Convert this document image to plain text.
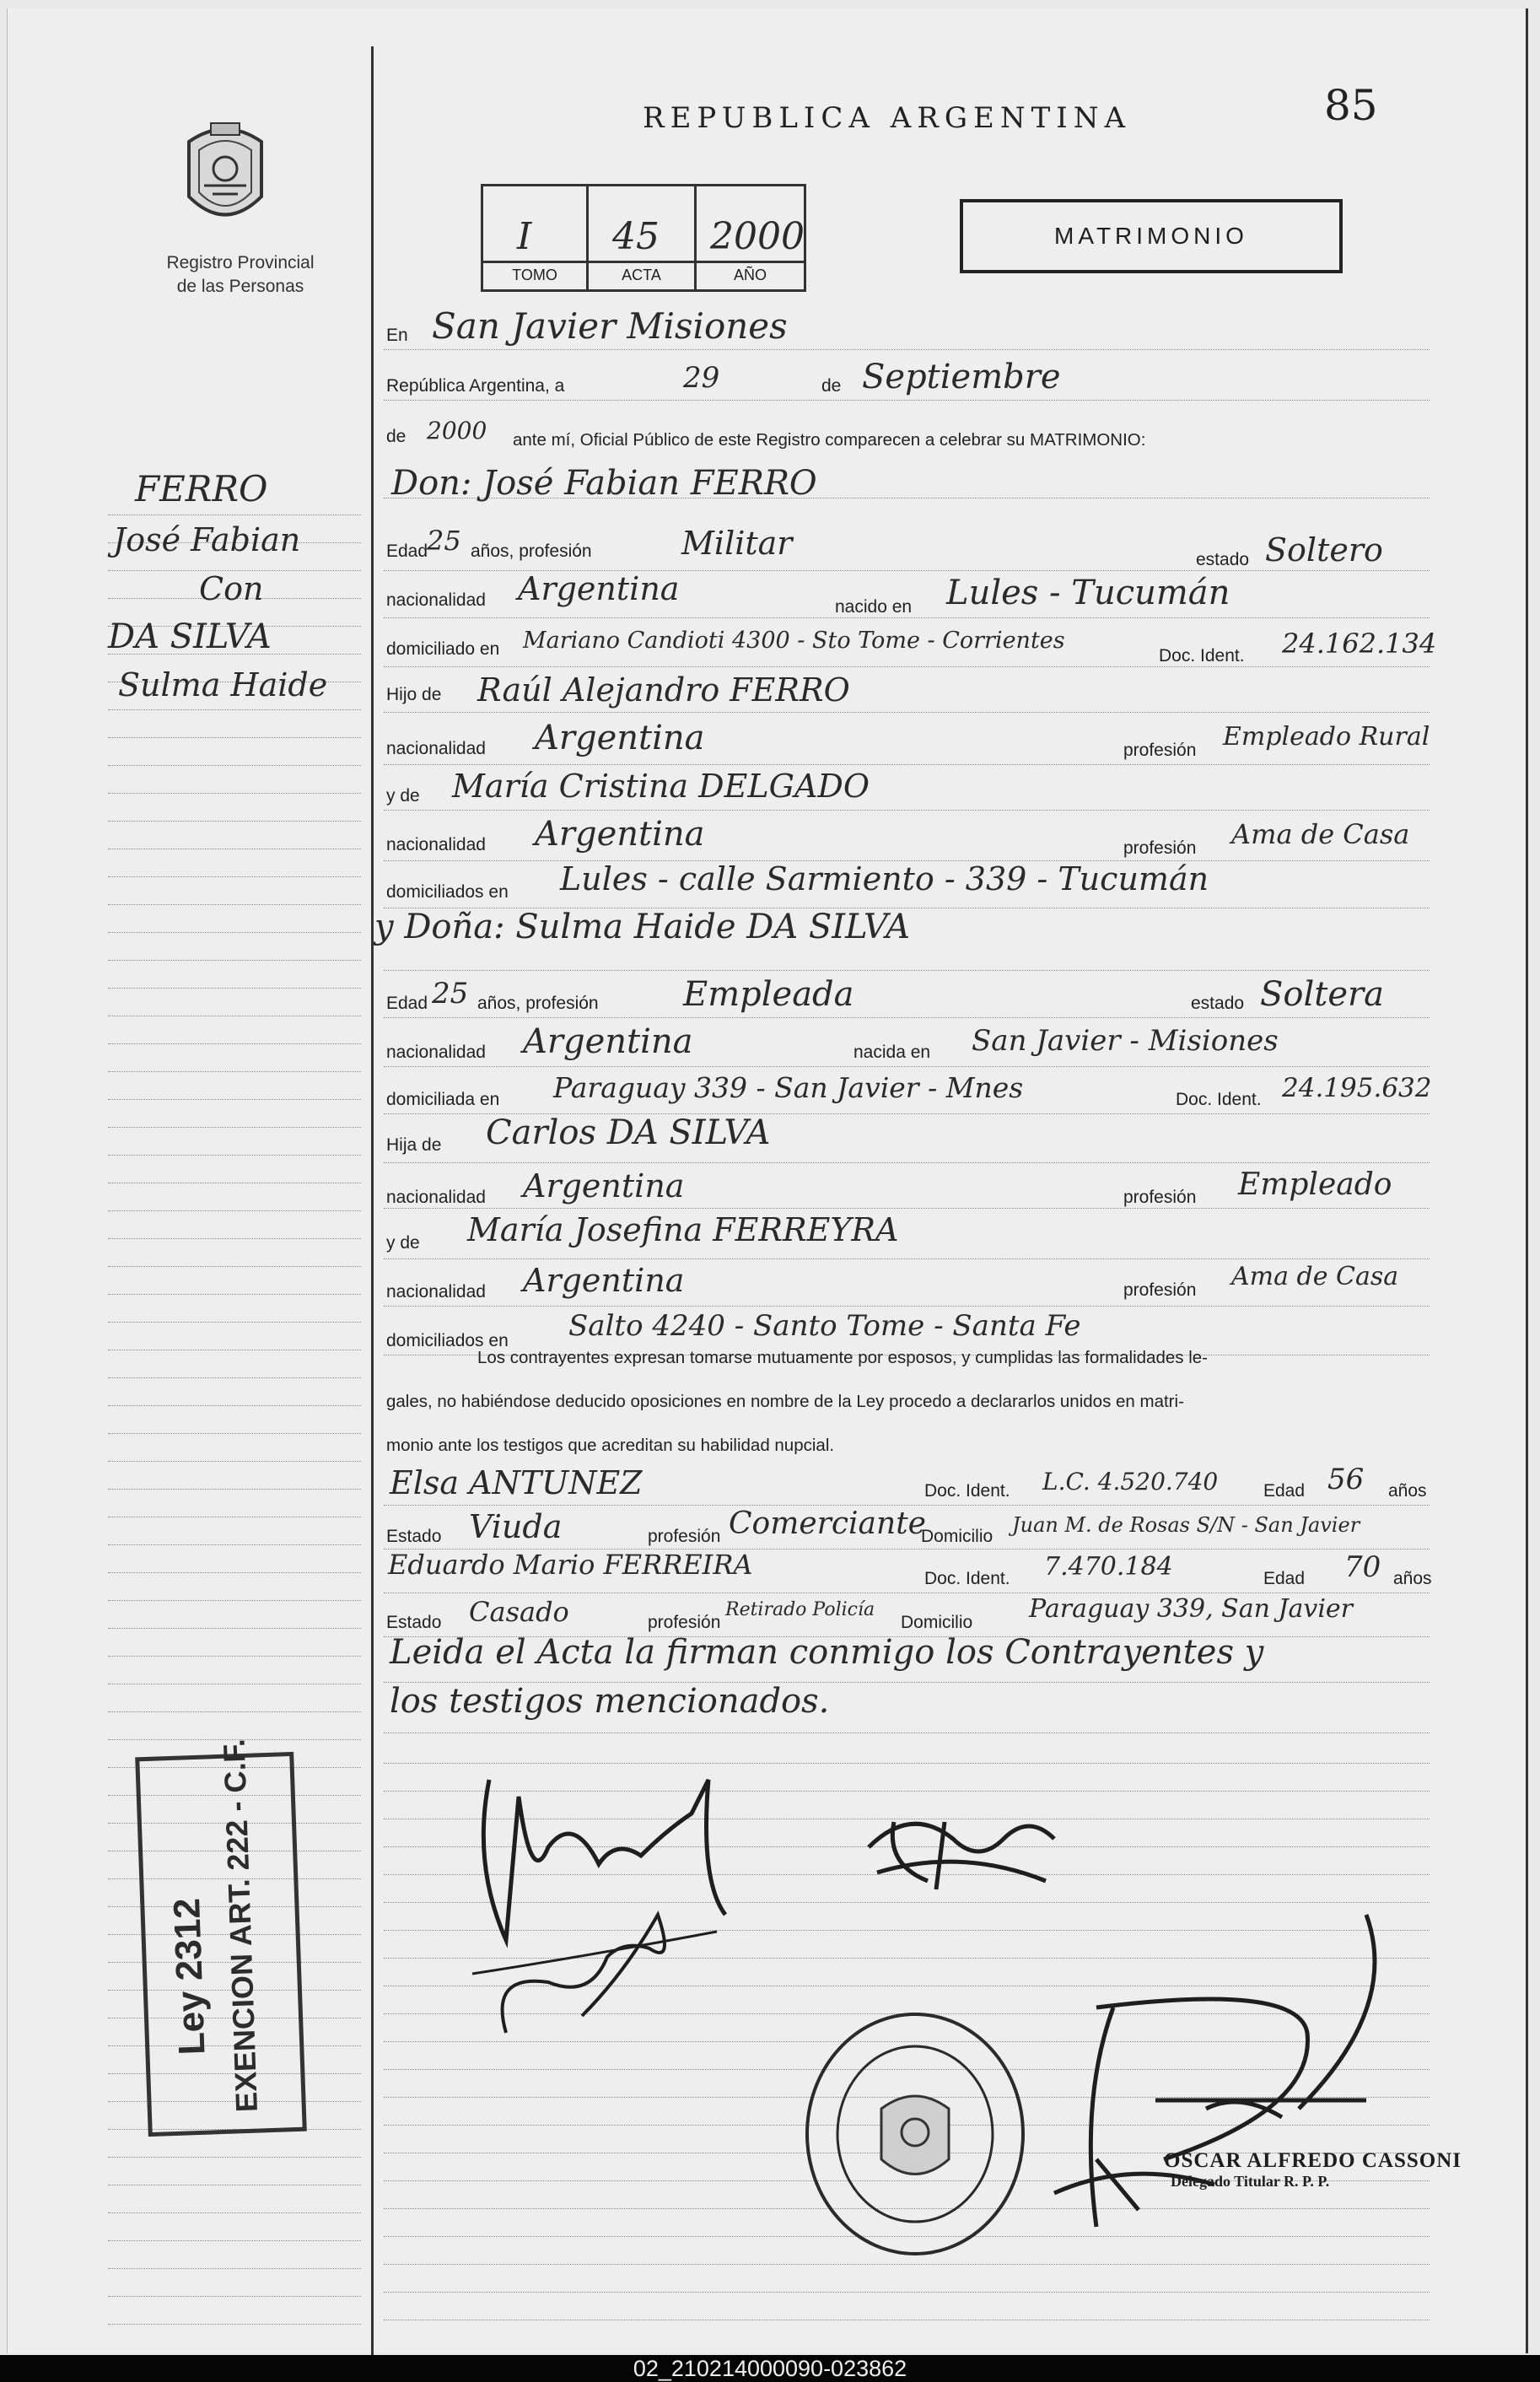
Registro Provincial
de las Personas
REPUBLICA ARGENTINA	85
I
TOMO
45
ACTA
2000
AÑO
MATRIMONIO
FERRO
José Fabian
Con
DA SILVA
Sulma Haide
En San Javier Misiones
República Argentina, a	29	de Septiembre
de 2000 ante mí, Oficial Público de este Registro comparecen a celebrar su MATRIMONIO:
Don: José Fabian FERRO
Edad
25 años, profesión	Militar	estado Soltero
nacionalidad Argentina	nacido en Lules - Tucumán
domiciliado en Mariano Candioti 4300 - Sto Tome - Corrientes
Doc. Ident. 24.162.134
Hijo de Raúl Alejandro FERRO
nacionalidad Argentina	profesión Empleado Rural
y de María Cristina DELGADO
nacionalidad Argentina	profesión Ama de Casa
domiciliados en Lules - calle Sarmiento - 339 - Tucumán
y Doña: Sulma Haide DA SILVA
Edad 25 años, profesión	Empleada	estado Soltera
nacionalidad Argentina	nacida en San Javier - Misiones
domiciliada en Paraguay 339 - San Javier - Mnes	Doc. Ident. 24.195.632
Hija de Carlos DA SILVA
nacionalidad Argentina	profesión Empleado
y de María Josefina FERREYRA
nacionalidad Argentina	profesión Ama de Casa
domiciliados en Salto 4240 - Santo Tome - Santa Fe
Los contrayentes expresan tomarse mutuamente por esposos, y cumplidas las formalidades le-
gales, no habiéndose deducido oposiciones en nombre de la Ley procedo a declararlos unidos en matri-
monio ante los testigos que acreditan su habilidad nupcial.
Elsa ANTUNEZ	Doc. Ident. L.C. 4.520.740	Edad 56 años
Estado Viuda	profesión Comerciante
Domicilio Juan M. de Rosas S/N - San Javier
Eduardo Mario FERREIRA	Doc. Ident. 7.470.184	Edad 70 años
Estado Casado	profesión
Retirado Policía
Domicilio Paraguay 339, San Javier
Leida el Acta la firman conmigo los Contrayentes y
los testigos mencionados.
Ley 2312 EXENCION ART. 222 - C.F.
OSCAR ALFREDO CASSONI
Delegado Titular R. P. P.
02_210214000090-023862
